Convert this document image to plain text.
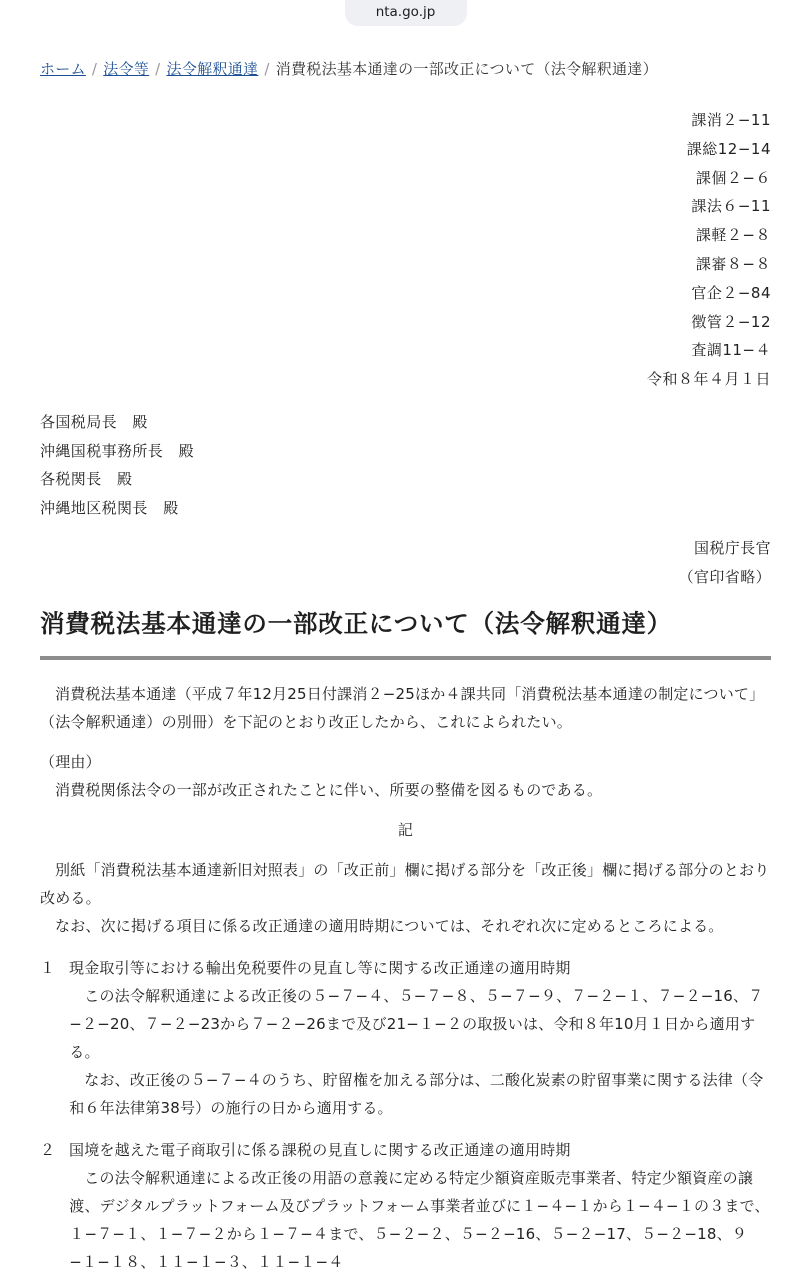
nta.go.jp
ホーム / 法令等 / 法令解釈通達 / 消費税法基本通達の一部改正について（法令解釈通達）
課消２−11
課総12−14
課個２−６
課法６−11
課軽２−８
課審８−８
官企２−84
徴管２−12
査調11−４
令和８年４月１日
各国税局長　殿
沖縄国税事務所長　殿
各税関長　殿
沖縄地区税関長　殿
国税庁長官
（官印省略）
消費税法基本通達の一部改正について（法令解釈通達）

消費税法基本通達（平成７年12月25日付課消２−25ほか４課共同「消費税法基本通達の制定について」（法令解釈通達）の別冊）を下記のとおり改正したから、これによられたい。

（理由）

消費税関係法令の一部が改正されたことに伴い、所要の整備を図るものである。

記

別紙「消費税法基本通達新旧対照表」の「改正前」欄に掲げる部分を「改正後」欄に掲げる部分のとおり改める。

なお、次に掲げる項目に係る改正通達の適用時期については、それぞれ次に定めるところによる。

１ 現金取引等における輸出免税要件の見直し等に関する改正通達の適用時期

この法令解釈通達による改正後の５−７−４、５−７−８、５−７−９、７−２−１、７−２−16、７−２−20、７−２−23から７−２−26まで及び21−１−２の取扱いは、令和８年10月１日から適用する。

なお、改正後の５−７−４のうち、貯留権を加える部分は、二酸化炭素の貯留事業に関する法律（令和６年法律第38号）の施行の日から適用する。

２ 国境を越えた電子商取引に係る課税の見直しに関する改正通達の適用時期

この法令解釈通達による改正後の用語の意義に定める特定少額資産販売事業者、特定少額資産の譲渡、デジタルプラットフォーム及びプラットフォーム事業者並びに１−４−１から１−４−１の３まで、１−７−１、１−７−２から１−７−４まで、５−２−２、５−２−16、５−２−17、５−２−18、９−１−１８、１１−１−３、１１−１−４
